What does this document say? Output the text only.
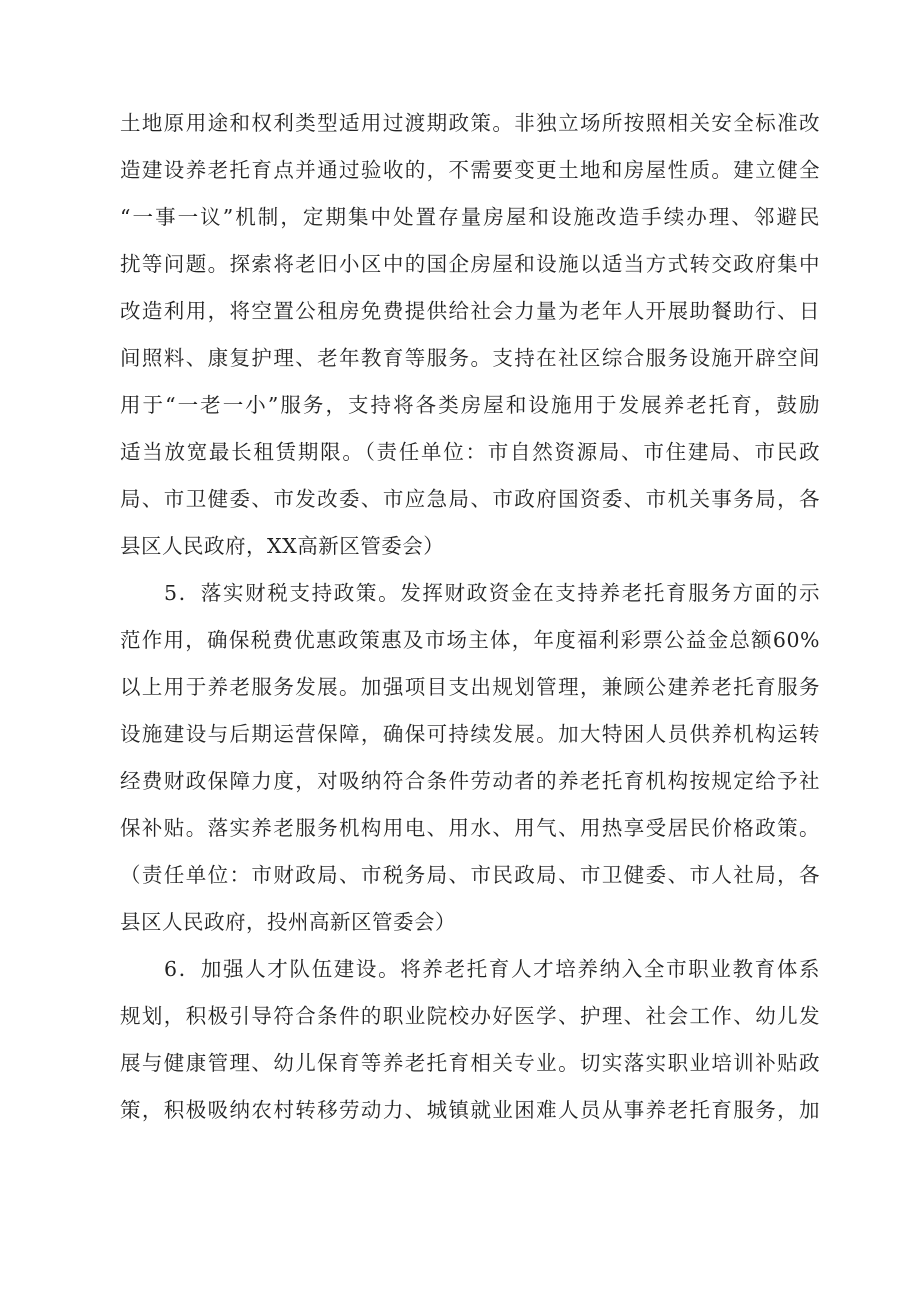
土地原用途和权利类型适用过渡期政策。非独立场所按照相关安全标准改
造建设养老托育点并通过验收的，不需要变更土地和房屋性质。建立健全
“一事一议”机制，定期集中处置存量房屋和设施改造手续办理、邻避民
扰等问题。探索将老旧小区中的国企房屋和设施以适当方式转交政府集中
改造利用，将空置公租房免费提供给社会力量为老年人开展助餐助行、日
间照料、康复护理、老年教育等服务。支持在社区综合服务设施开辟空间
用于“一老一小”服务，支持将各类房屋和设施用于发展养老托育，鼓励
适当放宽最长租赁期限。（责任单位：市自然资源局、市住建局、市民政
局、市卫健委、市发改委、市应急局、市政府国资委、市机关事务局，各
县区人民政府，XX高新区管委会）
5．落实财税支持政策。发挥财政资金在支持养老托育服务方面的示
范作用，确保税费优惠政策惠及市场主体，年度福利彩票公益金总额60%
以上用于养老服务发展。加强项目支出规划管理，兼顾公建养老托育服务
设施建设与后期运营保障，确保可持续发展。加大特困人员供养机构运转
经费财政保障力度，对吸纳符合条件劳动者的养老托育机构按规定给予社
保补贴。落实养老服务机构用电、用水、用气、用热享受居民价格政策。
（责任单位：市财政局、市税务局、市民政局、市卫健委、市人社局，各
县区人民政府，投州高新区管委会）
6．加强人才队伍建设。将养老托育人才培养纳入全市职业教育体系
规划，积极引导符合条件的职业院校办好医学、护理、社会工作、幼儿发
展与健康管理、幼儿保育等养老托育相关专业。切实落实职业培训补贴政
策，积极吸纳农村转移劳动力、城镇就业困难人员从事养老托育服务，加
